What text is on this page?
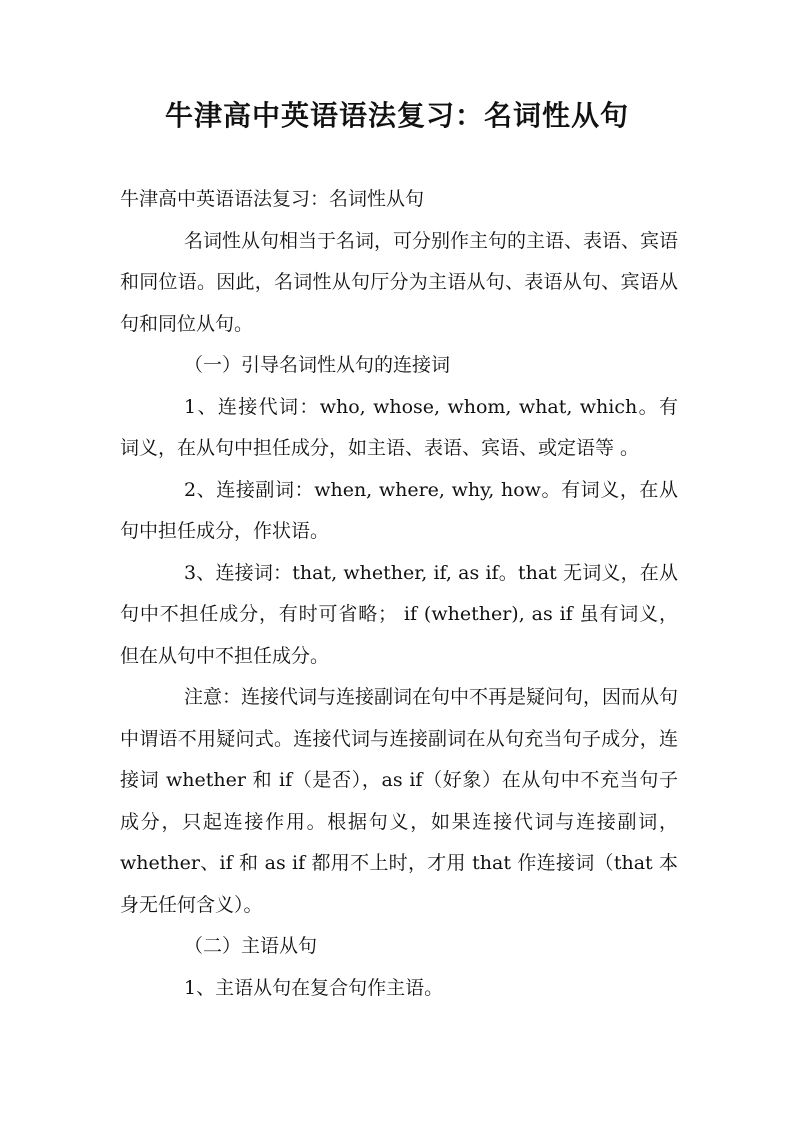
牛津高中英语语法复习：名词性从句

牛津高中英语语法复习：名词性从句

名词性从句相当于名词，可分别作主句的主语、表语、宾语和同位语。因此，名词性从句厅分为主语从句、表语从句、宾语从句和同位从句。

（一）引导名词性从句的连接词

1、连接代词：who, whose, whom, what, which。有词义，在从句中担任成分，如主语、表语、宾语、或定语等 。

2、连接副词：when, where, why, how。有词义，在从句中担任成分，作状语。

3、连接词：that, whether, if, as if。that 无词义，在从句中不担任成分，有时可省略； if (whether), as if 虽有词义，但在从句中不担任成分。

注意：连接代词与连接副词在句中不再是疑问句，因而从句中谓语不用疑问式。连接代词与连接副词在从句充当句子成分，连接词 whether 和 if（是否），as if（好象）在从句中不充当句子成分，只起连接作用。根据句义，如果连接代词与连接副词，whether、if 和 as if 都用不上时，才用 that 作连接词（that 本身无任何含义）。

（二）主语从句

1、主语从句在复合句作主语。
